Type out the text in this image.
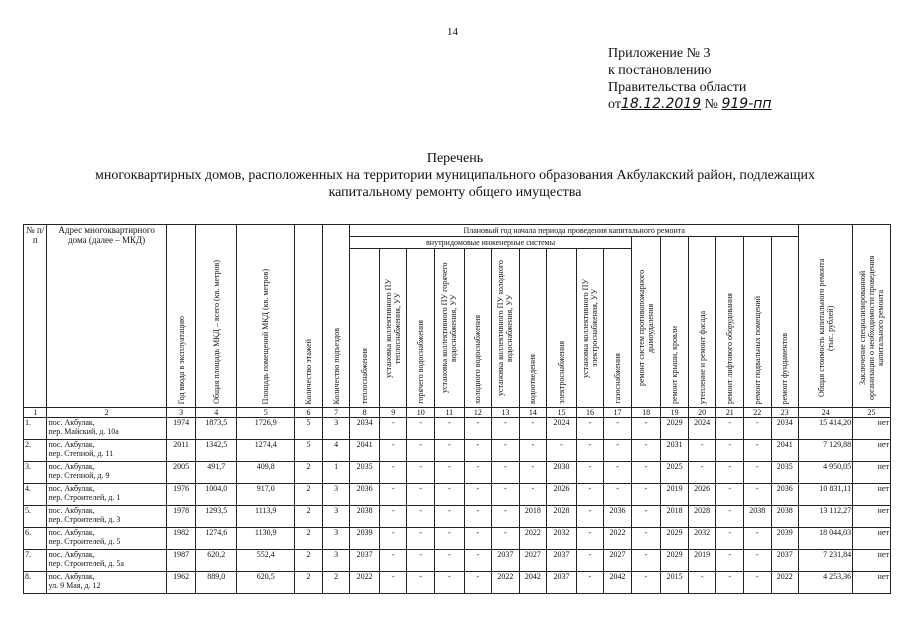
14
Приложение № 3
к постановлению
Правительства области
от18.12.2019 № 919-пп
Перечень
многоквартирных домов, расположенных на территории муниципального образования Акбулакский район, подлежащих
капитальному ремонту общего имущества
№ п/п	Адрес многоквартирного дома (далее – МКД)	Год ввода в эксплуатацию	Общая площадь МКД – всего (кв. метров)	Площадь помещений МКД (кв. метров)	Количество этажей	Количество подъездов	Плановый год начала периода проведения капитального ремонта																Общая стоимость капитального ремонта (тыс. рублей)	Заключение специализированной организации о необходимости проведения капитального ремонта

							внутридомовые инженерные системы										ремонт систем противопожарного дымоудаления	ремонт крыши, кровли	утепление и ремонт фасада	ремонт лифтового оборудования	ремонт подвальных помещений	ремонт фундаментов		

							теплоснабжения	установка коллективного ПУ теплоснабжения, УУ	горячего водоснабжения	установка коллективного ПУ горячего водоснабжения, УУ	холодного водоснабжения	установка коллективного ПУ холодного водоснабжения, УУ	водоотведения	электроснабжения	установка коллективного ПУ электроснабжения, УУ	газоснабжения								

1	2	3	4	5	6	7	8	9	10	11	12	13	14	15	16	17	18	19	20	21	22	23	24	25
1.	пос. Акбулак,
пер. Майский, д. 10а	1974	1873,5	1726,9	5	3	2034	-	-	-	-	-	-	2024	-	-	-	2029	2024	-	-	2034	15 414,20	нет
2.	пос. Акбулак,
пер. Степной, д. 11	2011	1342,5	1274,4	5	4	2041	-	-	-	-	-	-	-	-	-	-	2031	-	-	-	2041	7 129,88	нет
3.	пос. Акбулак,
пер. Степной, д. 9	2005	491,7	409,8	2	1	2035	-	-	-	-	-	-	2030	-	-	-	2025	-	-	-	2035	4 950,05	нет
4.	пос. Акбулак,
пер. Строителей, д. 1	1976	1004,0	917,0	2	3	2036	-	-	-	-	-	-	2026	-	-	-	2019	2026	-	-	2036	10 831,11	нет
5.	пос. Акбулак,
пер. Строителей, д. 3	1978	1293,5	1113,9	2	3	2038	-	-	-	-	-	2018	2028	-	2036	-	2018	2028	-	2038	2038	13 112,27	нет
6.	пос. Акбулак,
пер. Строителей, д. 5	1982	1274,6	1130,9	2	3	2039	-	-	-	-	-	2022	2032	-	2022	-	2029	2032	-	-	2039	18 044,03	нет
7.	пос. Акбулак,
пер. Строителей, д. 5а	1987	620,2	552,4	2	3	2037	-	-	-	-	2037	2027	2037	-	2027	-	2029	2019	-	-	2037	7 231,84	нет
8.	пос. Акбулак,
ул. 9 Мая, д. 12	1962	889,0	620,5	2	2	2022	-	-	-	-	2022	2042	2037	-	2042	-	2015	-	-	-	2022	4 253,36	нет
